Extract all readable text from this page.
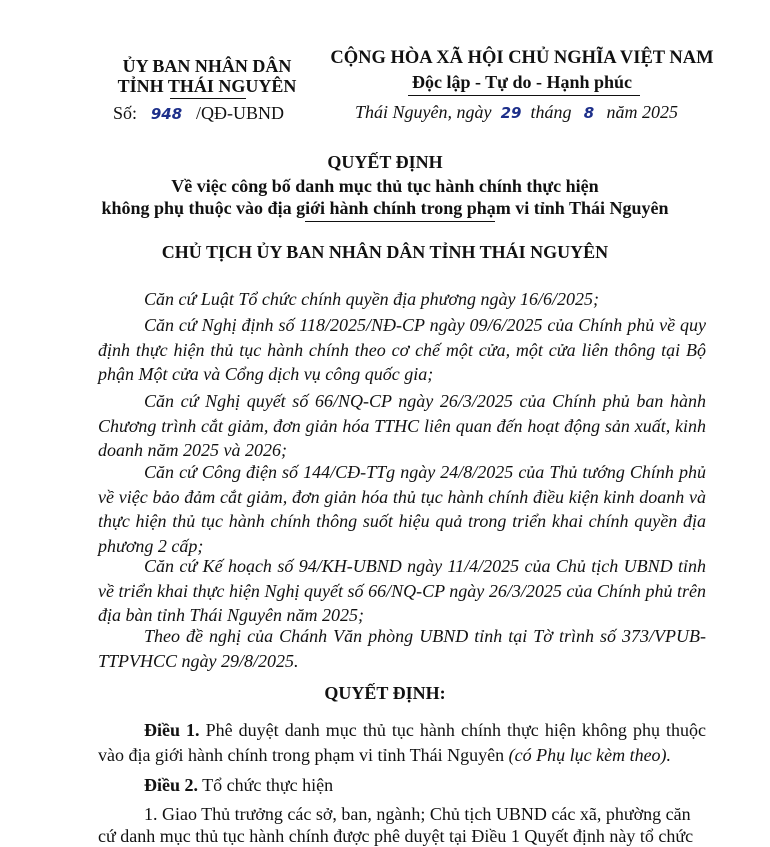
ỦY BAN NHÂN DÂN
TỈNH THÁI NGUYÊN
Số: 948 /QĐ-UBND
CỘNG HÒA XÃ HỘI CHỦ NGHĨA VIỆT NAM
Độc lập - Tự do - Hạnh phúc
Thái Nguyên, ngày 29 tháng 8 năm 2025
QUYẾT ĐỊNH
Về việc công bố danh mục thủ tục hành chính thực hiện
không phụ thuộc vào địa giới hành chính trong phạm vi tỉnh Thái Nguyên
CHỦ TỊCH ỦY BAN NHÂN DÂN TỈNH THÁI NGUYÊN
Căn cứ Luật Tổ chức chính quyền địa phương ngày 16/6/2025;
Căn cứ Nghị định số 118/2025/NĐ-CP ngày 09/6/2025 của Chính phủ về quy định thực hiện thủ tục hành chính theo cơ chế một cửa, một cửa liên thông tại Bộ phận Một cửa và Cổng dịch vụ công quốc gia;
Căn cứ Nghị quyết số 66/NQ-CP ngày 26/3/2025 của Chính phủ ban hành Chương trình cắt giảm, đơn giản hóa TTHC liên quan đến hoạt động sản xuất, kinh doanh năm 2025 và 2026;
Căn cứ Công điện số 144/CĐ-TTg ngày 24/8/2025 của Thủ tướng Chính phủ về việc bảo đảm cắt giảm, đơn giản hóa thủ tục hành chính điều kiện kinh doanh và thực hiện thủ tục hành chính thông suốt hiệu quả trong triển khai chính quyền địa phương 2 cấp;
Căn cứ Kế hoạch số 94/KH-UBND ngày 11/4/2025 của Chủ tịch UBND tỉnh về triển khai thực hiện Nghị quyết số 66/NQ-CP ngày 26/3/2025 của Chính phủ trên địa bàn tỉnh Thái Nguyên năm 2025;
Theo đề nghị của Chánh Văn phòng UBND tỉnh tại Tờ trình số 373/VPUB-TTPVHCC ngày 29/8/2025.
QUYẾT ĐỊNH:
Điều 1. Phê duyệt danh mục thủ tục hành chính thực hiện không phụ thuộc vào địa giới hành chính trong phạm vi tỉnh Thái Nguyên (có Phụ lục kèm theo).
Điều 2. Tổ chức thực hiện
1. Giao Thủ trưởng các sở, ban, ngành; Chủ tịch UBND các xã, phường căn
cứ danh mục thủ tục hành chính được phê duyệt tại Điều 1 Quyết định này tổ chức
